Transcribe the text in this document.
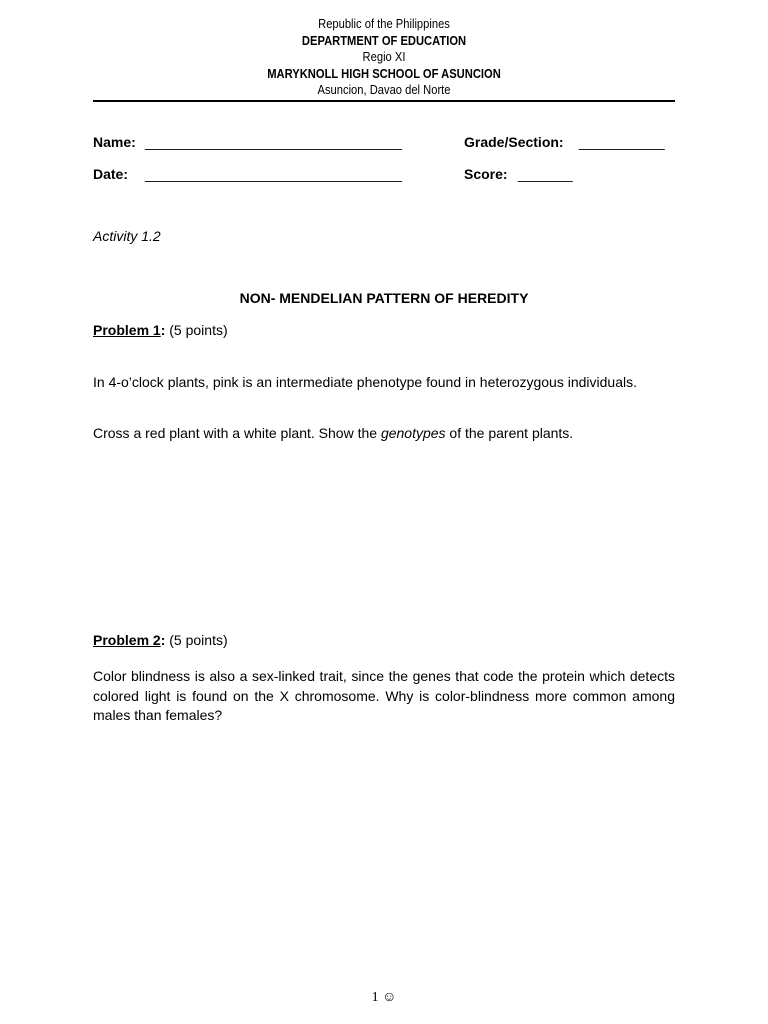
Republic of the Philippines
DEPARTMENT OF EDUCATION
Regio XI
MARYKNOLL HIGH SCHOOL OF ASUNCION
Asuncion, Davao del Norte
Name: _________________________________	Grade/Section: ___________
Date: _________________________________	Score: _______
Activity 1.2
NON- MENDELIAN PATTERN OF HEREDITY
Problem 1: (5 points)
In 4-o’clock plants, pink is an intermediate phenotype found in heterozygous individuals.
Cross a red plant with a white plant. Show the genotypes of the parent plants.
Problem 2: (5 points)
Color blindness is also a sex-linked trait, since the genes that code the protein which detects colored light is found on the X chromosome. Why is color-blindness more common among males than females?
1 ☺
